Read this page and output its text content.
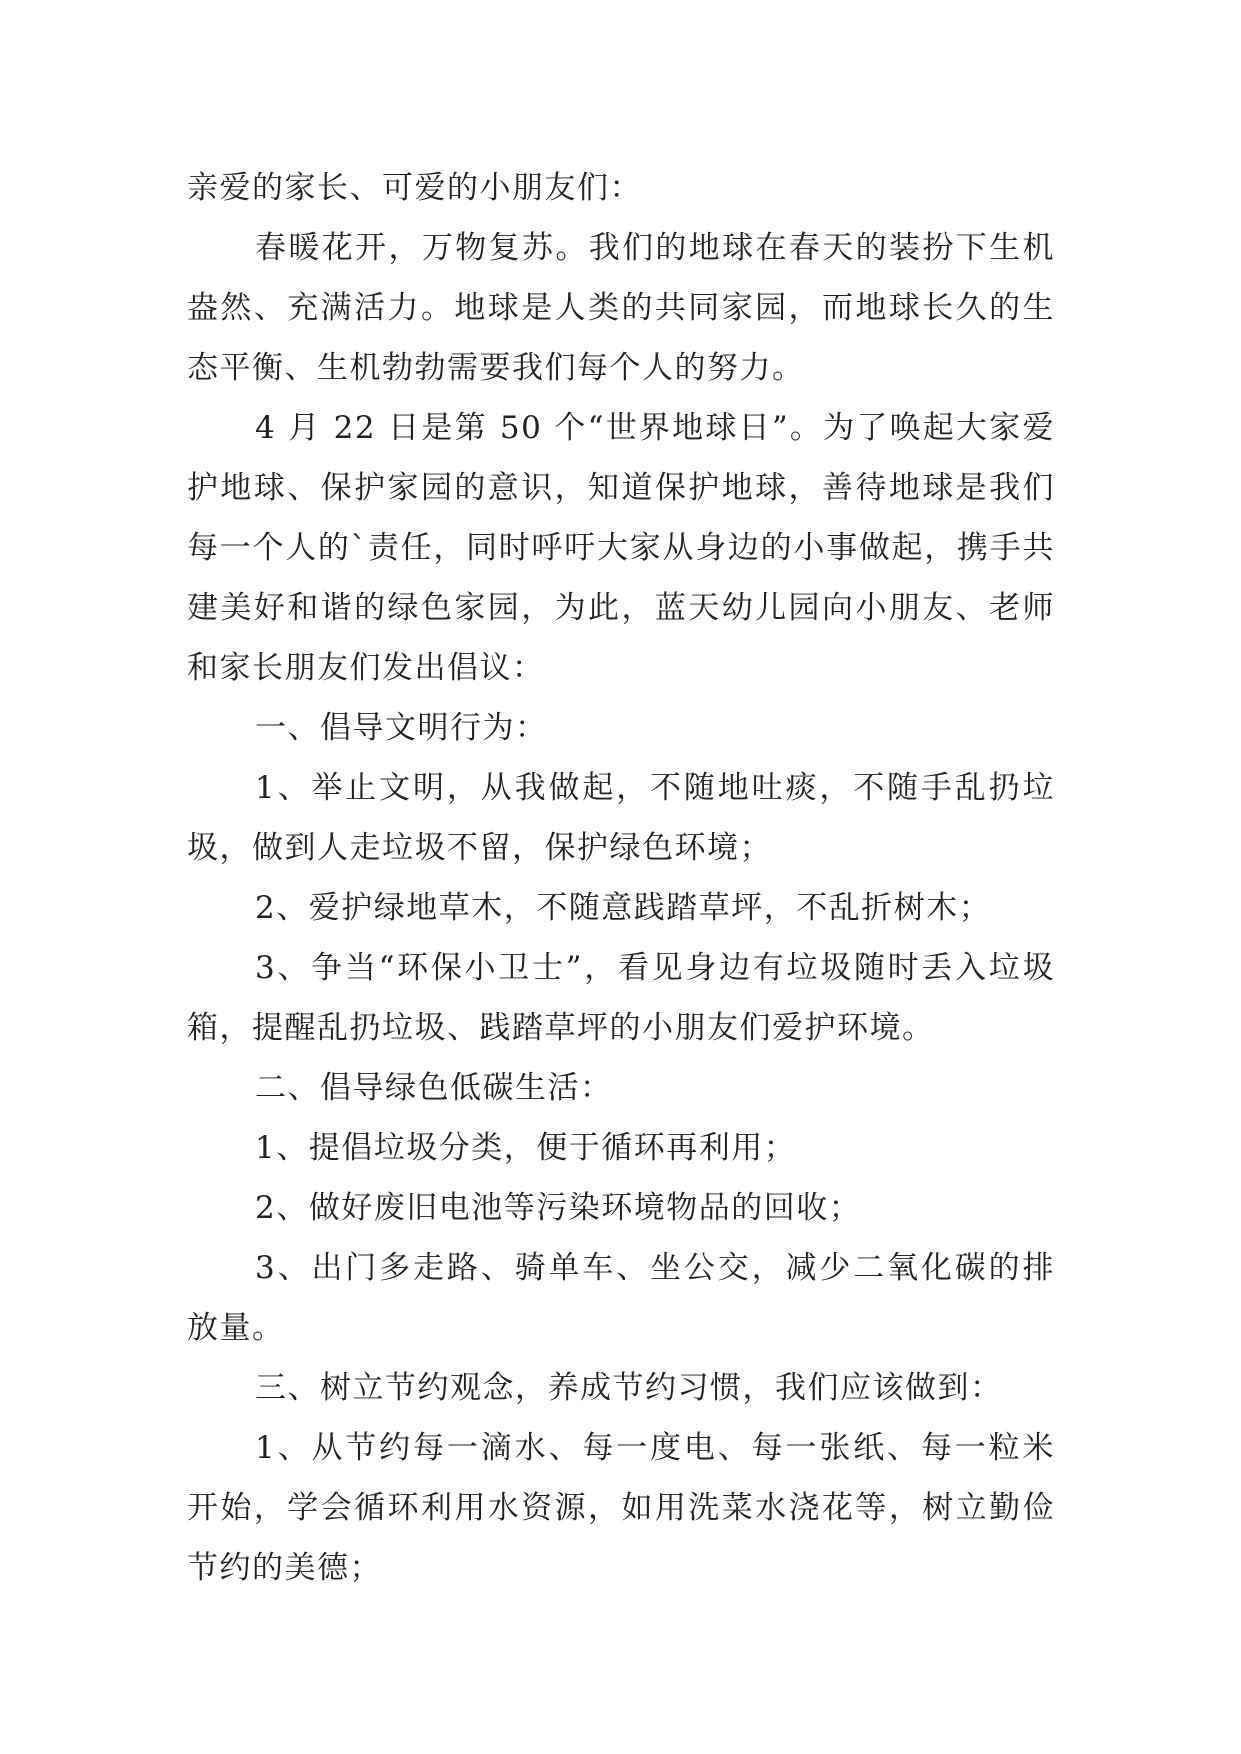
亲爱的家长、可爱的小朋友们：

春暖花开，万物复苏。我们的地球在春天的装扮下生机盎然、充满活力。地球是人类的共同家园，而地球长久的生态平衡、生机勃勃需要我们每个人的努力。

4 月 22 日是第 50 个“世界地球日”。为了唤起大家爱护地球、保护家园的意识，知道保护地球，善待地球是我们每一个人的`责任，同时呼吁大家从身边的小事做起，携手共建美好和谐的绿色家园，为此，蓝天幼儿园向小朋友、老师和家长朋友们发出倡议：

一、倡导文明行为：

1、举止文明，从我做起，不随地吐痰，不随手乱扔垃圾，做到人走垃圾不留，保护绿色环境；

2、爱护绿地草木，不随意践踏草坪，不乱折树木；

3、争当“环保小卫士”，看见身边有垃圾随时丢入垃圾箱，提醒乱扔垃圾、践踏草坪的小朋友们爱护环境。

二、倡导绿色低碳生活：

1、提倡垃圾分类，便于循环再利用；

2、做好废旧电池等污染环境物品的回收；

3、出门多走路、骑单车、坐公交，减少二氧化碳的排放量。

三、树立节约观念，养成节约习惯，我们应该做到：

1、从节约每一滴水、每一度电、每一张纸、每一粒米开始，学会循环利用水资源，如用洗菜水浇花等，树立勤俭节约的美德；
